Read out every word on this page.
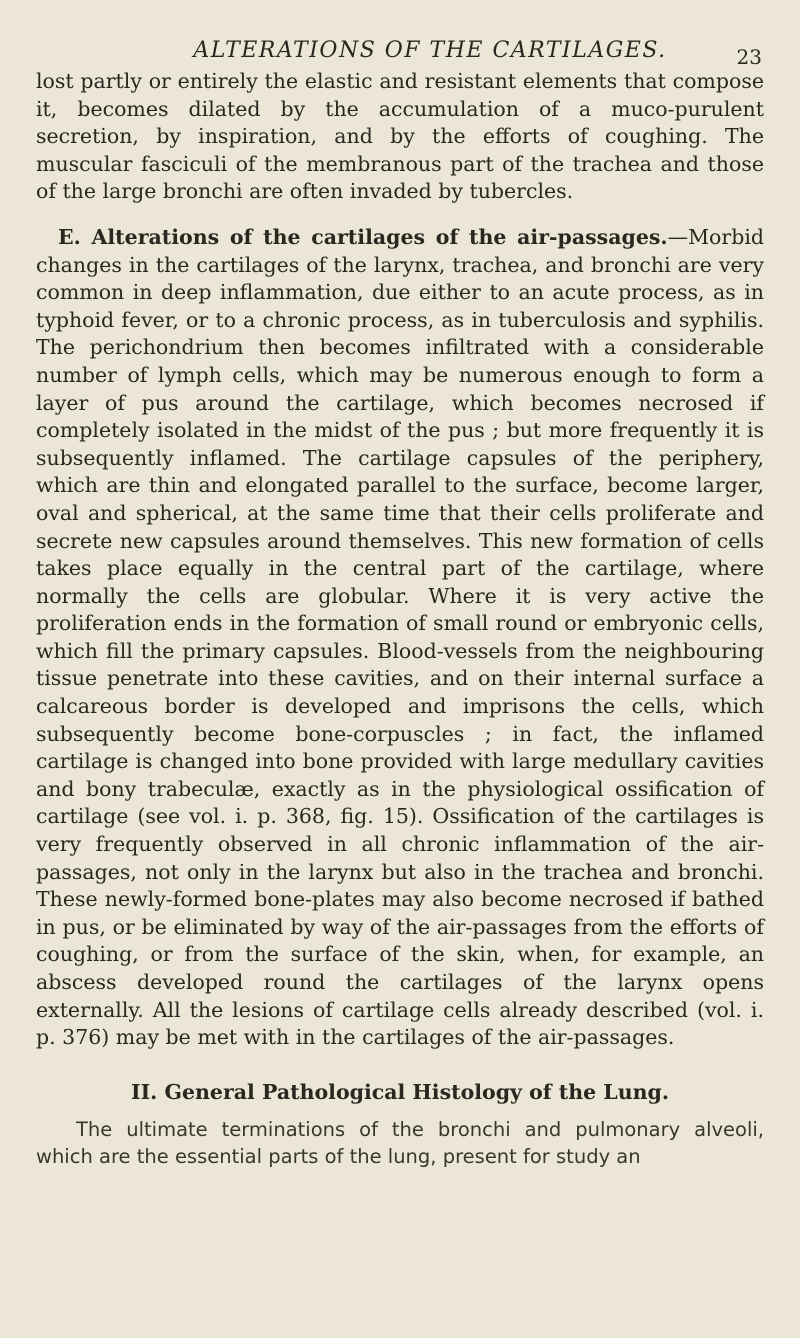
ALTERATIONS OF THE CARTILAGES.	23

lost partly or entirely the elastic and resistant elements that compose it, becomes dilated by the accumulation of a muco-purulent secretion, by inspiration, and by the efforts of coughing. The muscular fasciculi of the membranous part of the trachea and those of the large bronchi are often invaded by tubercles.

E. Alterations of the cartilages of the air-passages.—Morbid changes in the cartilages of the larynx, trachea, and bronchi are very common in deep inflammation, due either to an acute process, as in typhoid fever, or to a chronic process, as in tuberculosis and syphilis. The perichondrium then becomes infiltrated with a considerable number of lymph cells, which may be numerous enough to form a layer of pus around the cartilage, which becomes necrosed if completely isolated in the midst of the pus ; but more frequently it is subsequently inflamed. The cartilage capsules of the periphery, which are thin and elongated parallel to the surface, become larger, oval and spherical, at the same time that their cells proliferate and secrete new capsules around themselves. This new formation of cells takes place equally in the central part of the cartilage, where normally the cells are globular. Where it is very active the proliferation ends in the formation of small round or embryonic cells, which fill the primary capsules. Blood-vessels from the neighbouring tissue penetrate into these cavities, and on their internal surface a calcareous border is developed and imprisons the cells, which subsequently become bone-corpuscles ; in fact, the inflamed cartilage is changed into bone provided with large medullary cavities and bony trabeculæ, exactly as in the physiological ossification of cartilage (see vol. i. p. 368, fig. 15). Ossification of the cartilages is very frequently observed in all chronic inflammation of the air-passages, not only in the larynx but also in the trachea and bronchi. These newly-formed bone-plates may also become necrosed if bathed in pus, or be eliminated by way of the air-passages from the efforts of coughing, or from the surface of the skin, when, for example, an abscess developed round the cartilages of the larynx opens externally. All the lesions of cartilage cells already described (vol. i. p. 376) may be met with in the cartilages of the air-passages.

II. General Pathological Histology of the Lung.

The ultimate terminations of the bronchi and pulmonary alveoli, which are the essential parts of the lung, present for study an
